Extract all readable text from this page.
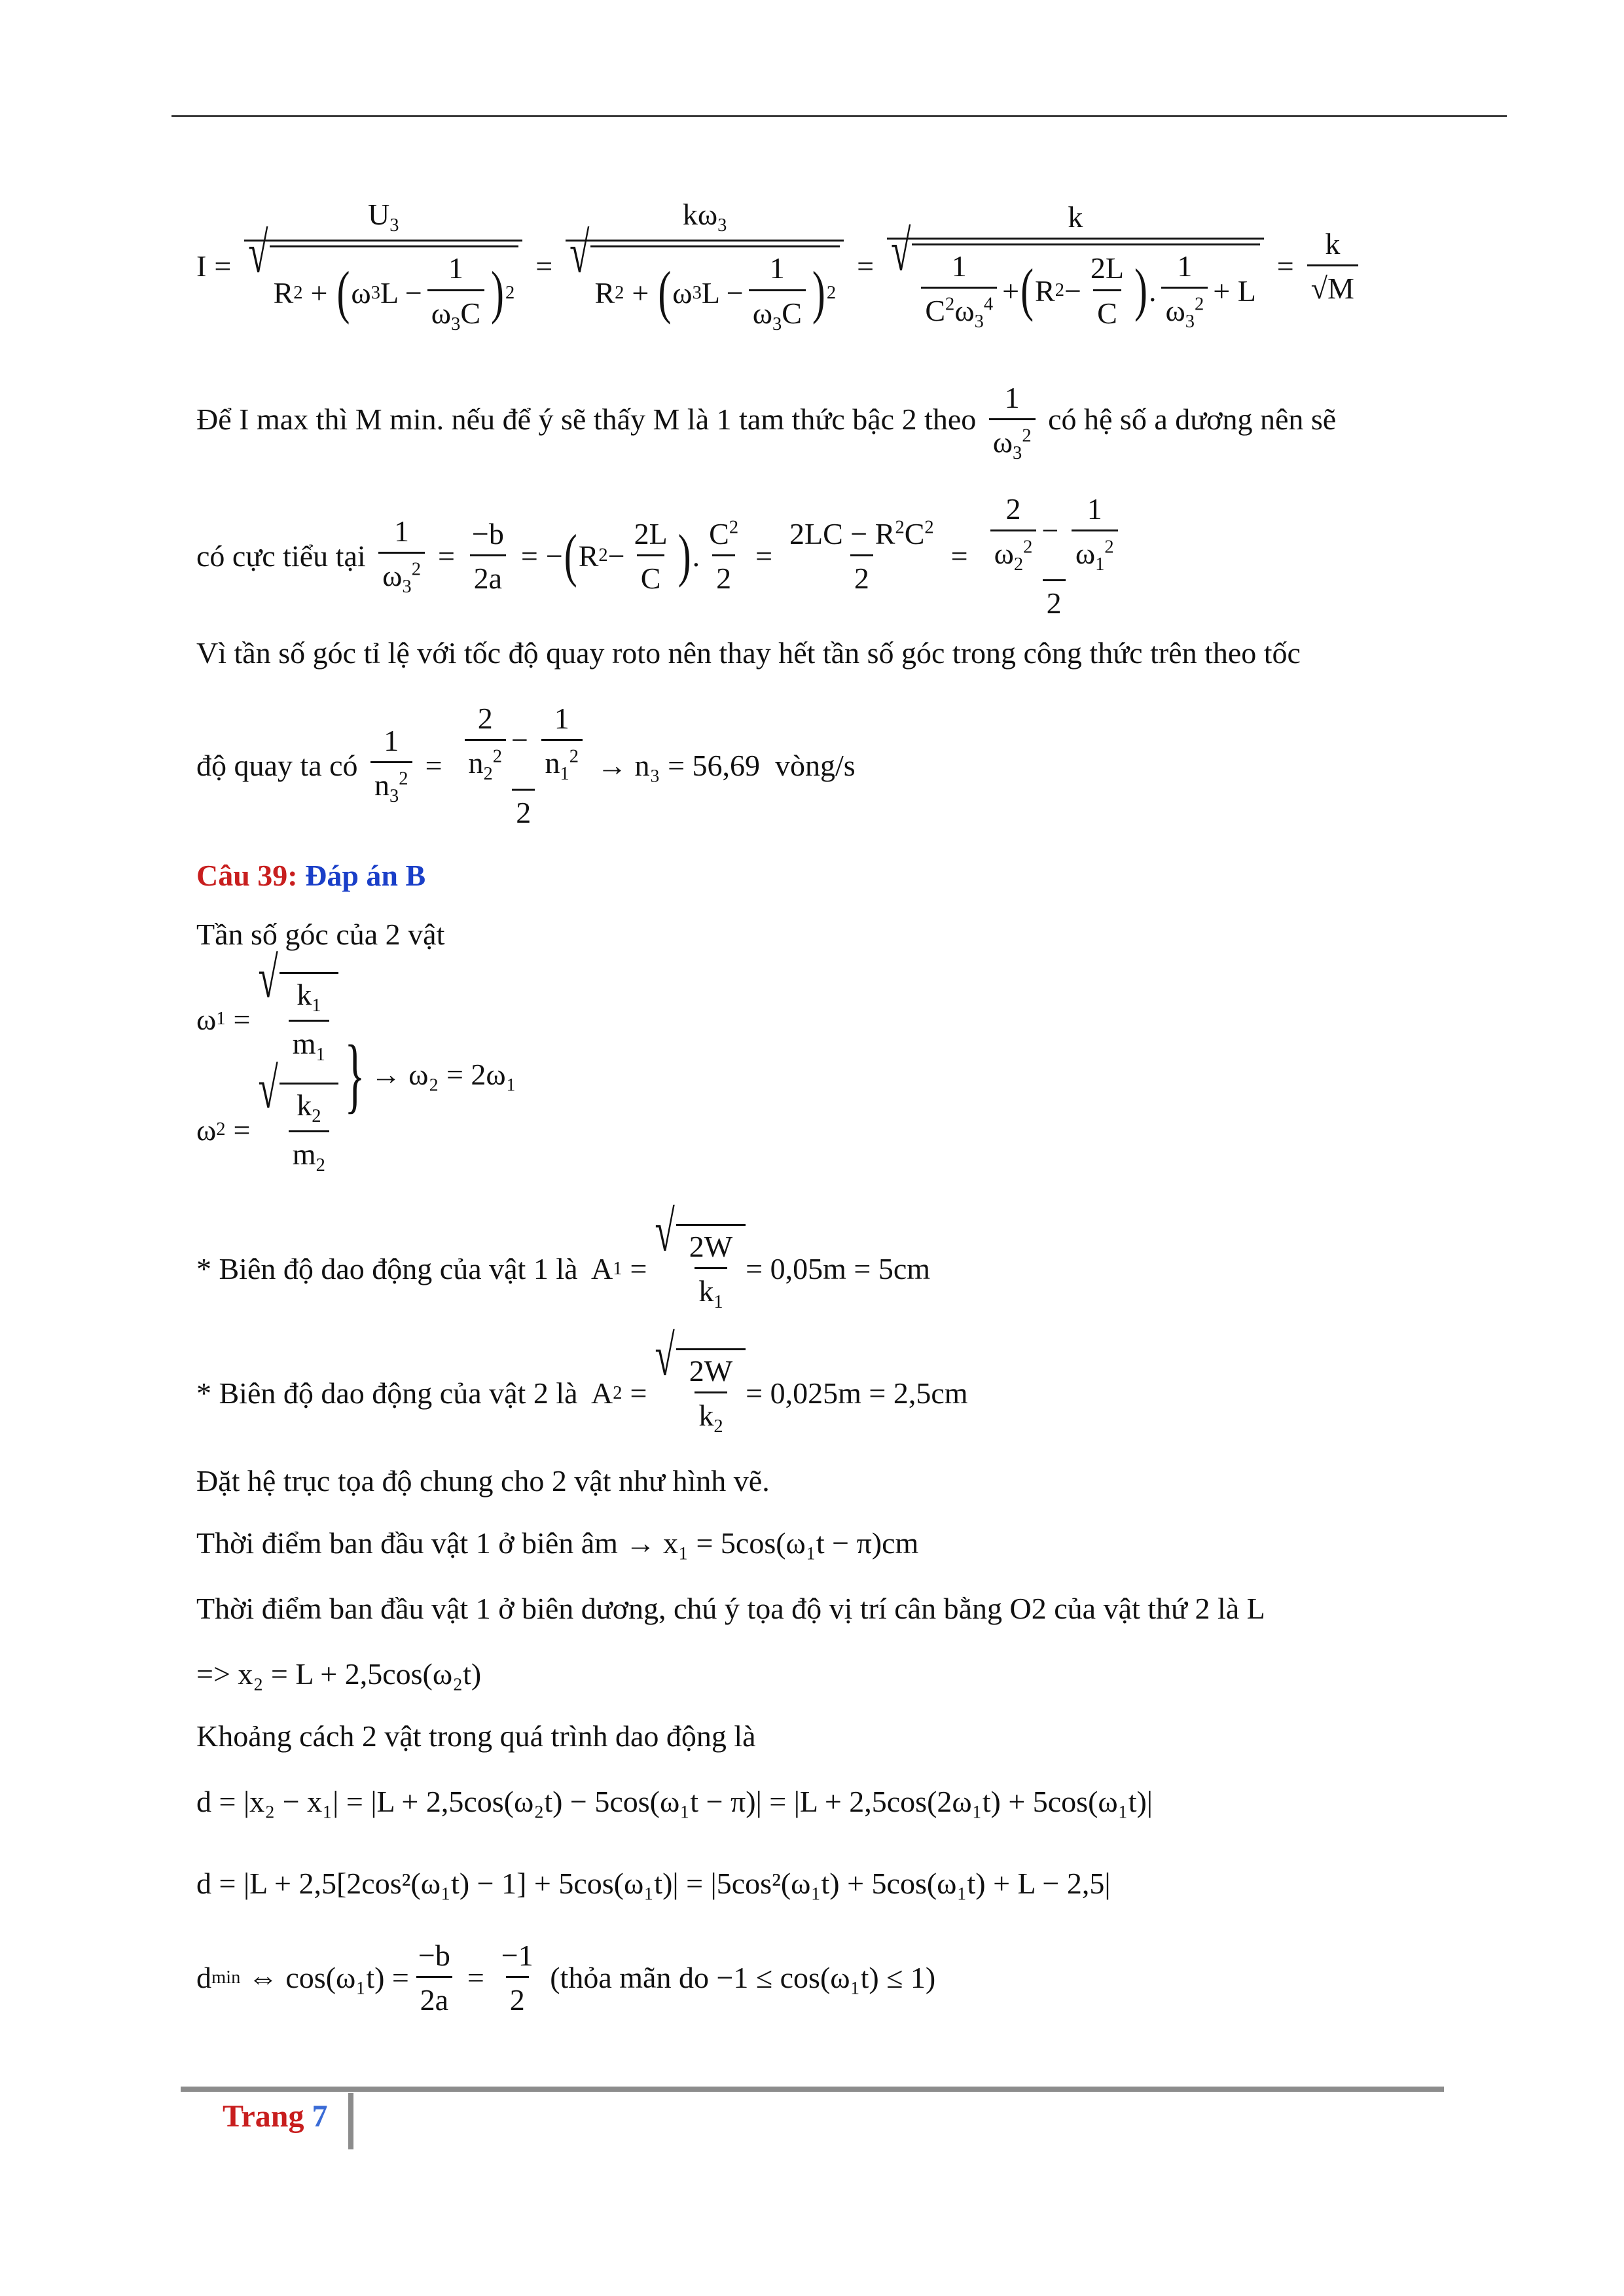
$I = U_3$
√
R 2 + ( ω 3 $L - \frac{1}{\omega_3C}$ ) $2 = k\omega_3$
√
R 2 + ( ω 3 $L - \frac{1}{\omega_3C}$ ) $2 = \frac{k}{√ \frac{1}{C^2\omega_3^4} + ( R 2 - \frac{2L}{C} ) . \frac{1}{\omega_3^2} + L} = \frac{k}{√M}$
Để I max thì M min. nếu để ý sẽ thấy M là 1 tam thức bậc 2 theo $\frac{1}{\omega_3^2}$ có hệ số a dương nên sẽ
có cực tiểu tại
$\frac{1}{\omega_3^2} = \frac{-b}{2a}$ = − ( R $2 - \frac{2L}{C}$ ) . $\frac{C^2}{2} = \frac{2LC - R^2C^2}{2} = \frac{\frac{2}{\omega_2^2} - \frac{1}{\omega_1^2}}{2}$
Vì tần số góc tỉ lệ với tốc độ quay roto nên thay hết tần số góc trong công thức trên theo tốc
độ quay ta có
$\frac{1}{n_3^2} = \frac{\frac{2}{n_2^2} - \frac{1}{n_1^2}}{2} \to n_3 = 56,69$
vòng/s
Câu 39: Đáp án B
Tần số góc của 2 vật
ω 1 =
√ $\frac{k_1}{m_1}$
ω 2 =
√ $\frac{k_2}{m_2}$
} → ω₂ = 2ω₁
* Biên độ dao động của vật 1 là A 1 =
√ $\frac{2W}{k_1} = 0,05m = 5cm$
* Biên độ dao động của vật 2 là A 2 =
√ $\frac{2W}{k_2} = 0,025m = 2,5cm$
Đặt hệ trục tọa độ chung cho 2 vật như hình vẽ.
Thời điểm ban đầu vật 1 ở biên âm → x₁ = 5cos(ω₁t − π)cm
Thời điểm ban đầu vật 1 ở biên dương, chú ý tọa độ vị trí cân bằng O2 của vật thứ 2 là L
=> x₂ = L + 2,5cos(ω₂t)
Khoảng cách 2 vật trong quá trình dao động là
d = |x₂ − x₁| = |L + 2,5cos(ω₂t) − 5cos(ω₁t − π)| = |L + 2,5cos(2ω₁t) + 5cos(ω₁t)|
d = |L + 2,5[2cos²(ω₁t) − 1] + 5cos(ω₁t)| = |5cos²(ω₁t) + 5cos(ω₁t) + L − 2,5|
d min
⇔ $\cos(\omega_1t) = \frac{-b}{2a} = \frac{-1}{2}$
(thỏa mãn do −1 ≤ cos(ω₁t) ≤ 1)
Trang 7
